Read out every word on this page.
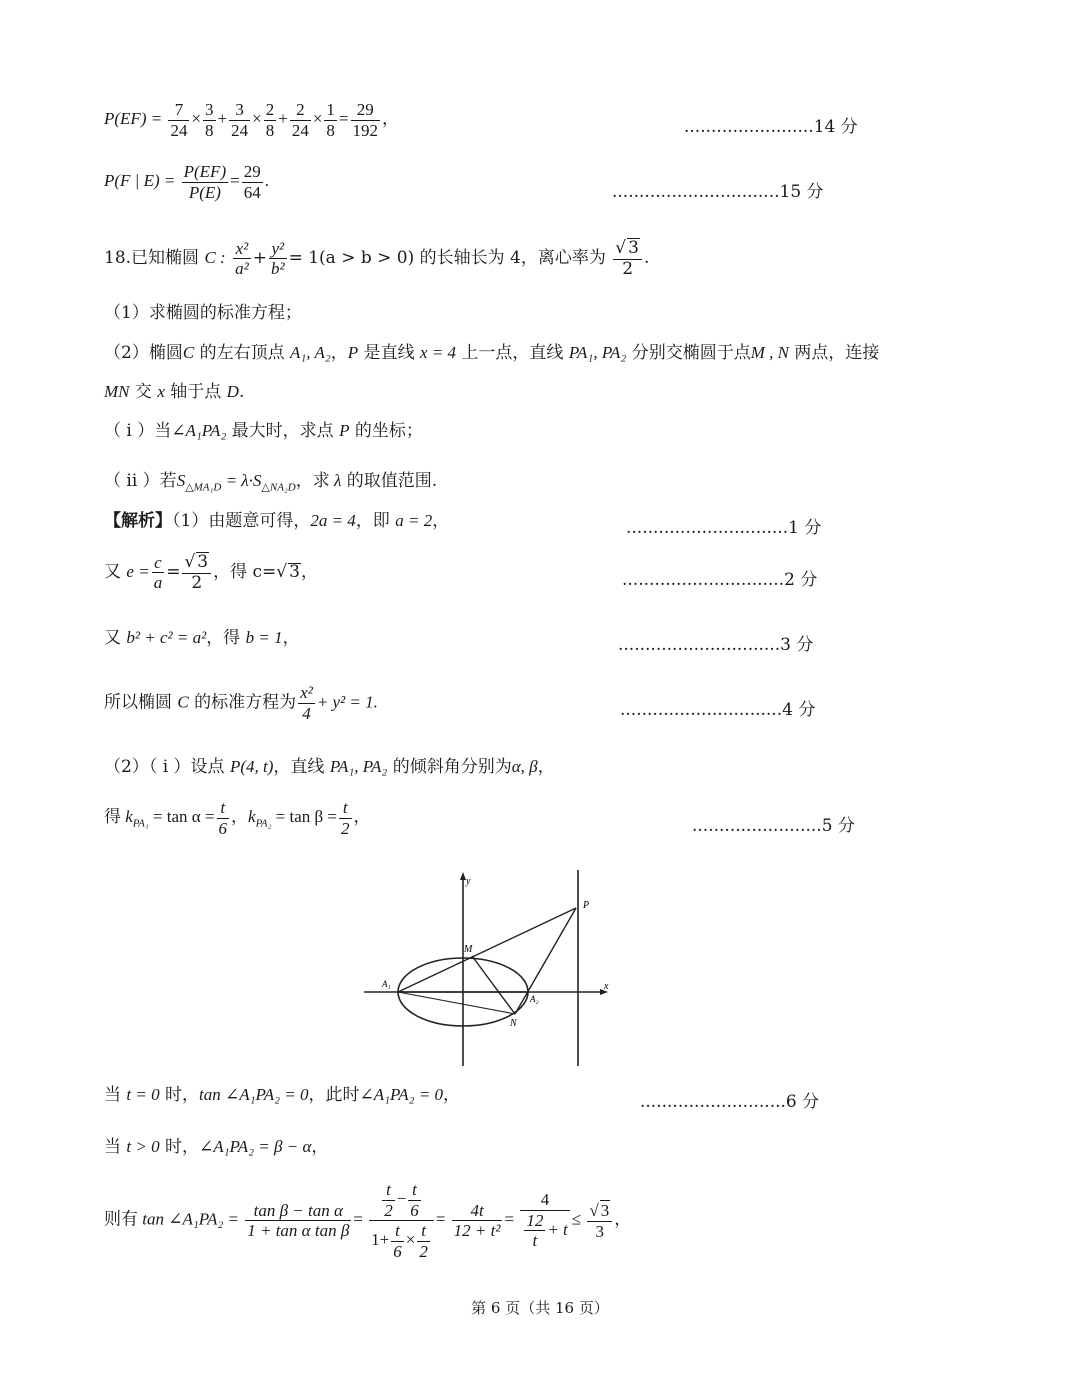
$P(EF) = \frac{7}{24} \times \frac{3}{8} + \frac{3}{24} \times \frac{2}{8} + \frac{2}{24} \times \frac{1}{8} = \frac{29}{192}$ ，	........................14 分
P(F | $E) = \frac{P(EF)}{P(E)} = \frac{29}{64}$ .
...............................15 分
18.已知椭圆 C : $\frac{\text{x²}}{\text{a²}} + \frac{\text{y²}}{\text{b²}} = 1(a > b > 0)$ 的长轴长为 4，离心率为 $\frac{√ 3}{2}$ .
（1）求椭圆的标准方程；
（2）椭圆C 的左右顶点 A₁, A₂，P 是直线 x = 4 上一点，直线 PA₁, PA₂ 分别交椭圆于点M , N 两点，连接
MN 交 x 轴于点 D.
（ i ）当∠A₁PA₂ 最大时，求点 P 的坐标；
（ ii ）若$S_{\triangle MA_1D} = \lambda\cdot S_{\triangle NA_2D}$，求 λ 的取值范围.
【解析】（1）由题意可得，2a = 4，即 a = 2，	..............................1 分
又 $e = \frac{c}{a} = \frac{√ 3}{2}$ ，得 c=√ 3，	..............................2 分
又 b² + c² = a²，得 b = 1，	..............................3 分
所以椭圆 C 的标准方程为 $\frac{\text{x²}}{4} + y^2 = 1$.	..............................4 分
（2）（ i ）设点 P(4, t)，直线 PA₁, PA₂ 的倾斜角分别为α, β，
得 $k_{PA_1} = \tan \alpha = \frac{t}{6}$ ，$k_{PA_2} = \tan \beta = \frac{t}{2}$ ，	........................5 分
y
x
P
M
A₁
A₂
N
当 t = 0 时，tan ∠A₁PA₂ = 0，此时∠A₁PA₂ = 0，	...........................6 分
当 t > 0 时，∠A₁PA₂ = β − α，
则有 tan ∠A₁PA₂ = $\frac{\text{tan β − tan α}}{\text{1 + tan α tan β}} = \frac{\frac{t}{2} - \frac{t}{6}}{1+ \frac{t}{6} \times \frac{t}{2}} = \frac{4t}{\text{12 + t²}} = \frac{4}{\frac{12}{t} + t} \le \frac{√ 3}{3}$ ，
第 6 页（共 16 页）
